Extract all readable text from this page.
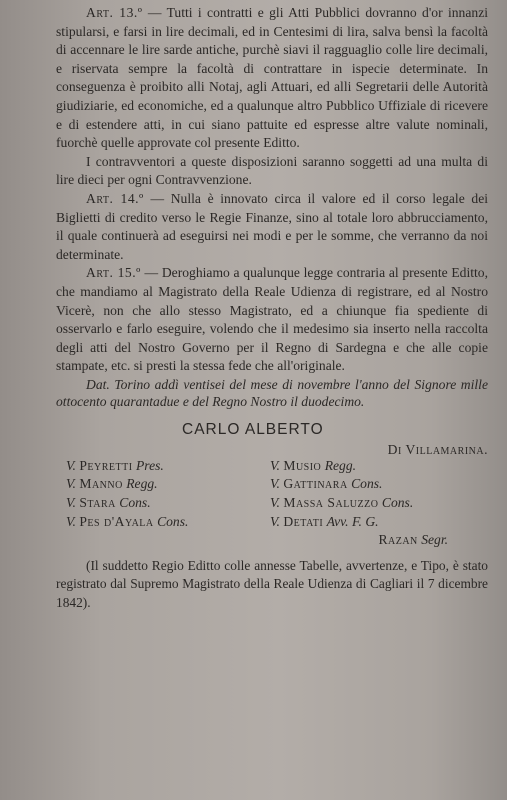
Art. 13.º — Tutti i contratti e gli Atti Pubblici dovranno d'or innanzi stipularsi, e farsi in lire decimali, ed in Centesimi di lira, salva bensì la facoltà di accennare le lire sarde antiche, purchè siavi il ragguaglio colle lire decimali, e riservata sempre la facoltà di contrattare in ispecie determinate. In conseguenza è proibito alli Notaj, agli Attuari, ed alli Segretarii delle Autorità giudiziarie, ed economiche, ed a qualunque altro Pubblico Uffiziale di ricevere e di estendere atti, in cui siano pattuite ed espresse altre valute nominali, fuorchè quelle approvate col presente Editto.

I contravventori a queste disposizioni saranno soggetti ad una multa di lire dieci per ogni Contravvenzione.

Art. 14.º — Nulla è innovato circa il valore ed il corso legale dei Biglietti di credito verso le Regie Finanze, sino al totale loro abbrucciamento, il quale continuerà ad eseguirsi nei modi e per le somme, che verranno da noi determinate.

Art. 15.º — Deroghiamo a qualunque legge contraria al presente Editto, che mandiamo al Magistrato della Reale Udienza di registrare, ed al Nostro Vicerè, non che allo stesso Magistrato, ed a chiunque fia spediente di osservarlo e farlo eseguire, volendo che il medesimo sia inserto nella raccolta degli atti del Nostro Governo per il Regno di Sardegna e che alle copie stampate, etc. si presti la stessa fede che all'originale.

Dat. Torino addì ventisei del mese di novembre l'anno del Signore mille ottocento quarantadue e del Regno Nostro il duodecimo.

CARLO ALBERTO
Di Villamarina.
V. Peyretti Pres.
V. Manno Regg.
V. Stara Cons.
V. Pes d'Ayala Cons.
V. Musio Regg.
V. Gattinara Cons.
V. Massa Saluzzo Cons.
V. Detati Avv. F. G.
Razan Segr.

(Il suddetto Regio Editto colle annesse Tabelle, avvertenze, e Tipo, è stato registrato dal Supremo Magistrato della Reale Udienza di Cagliari il 7 dicembre 1842).
